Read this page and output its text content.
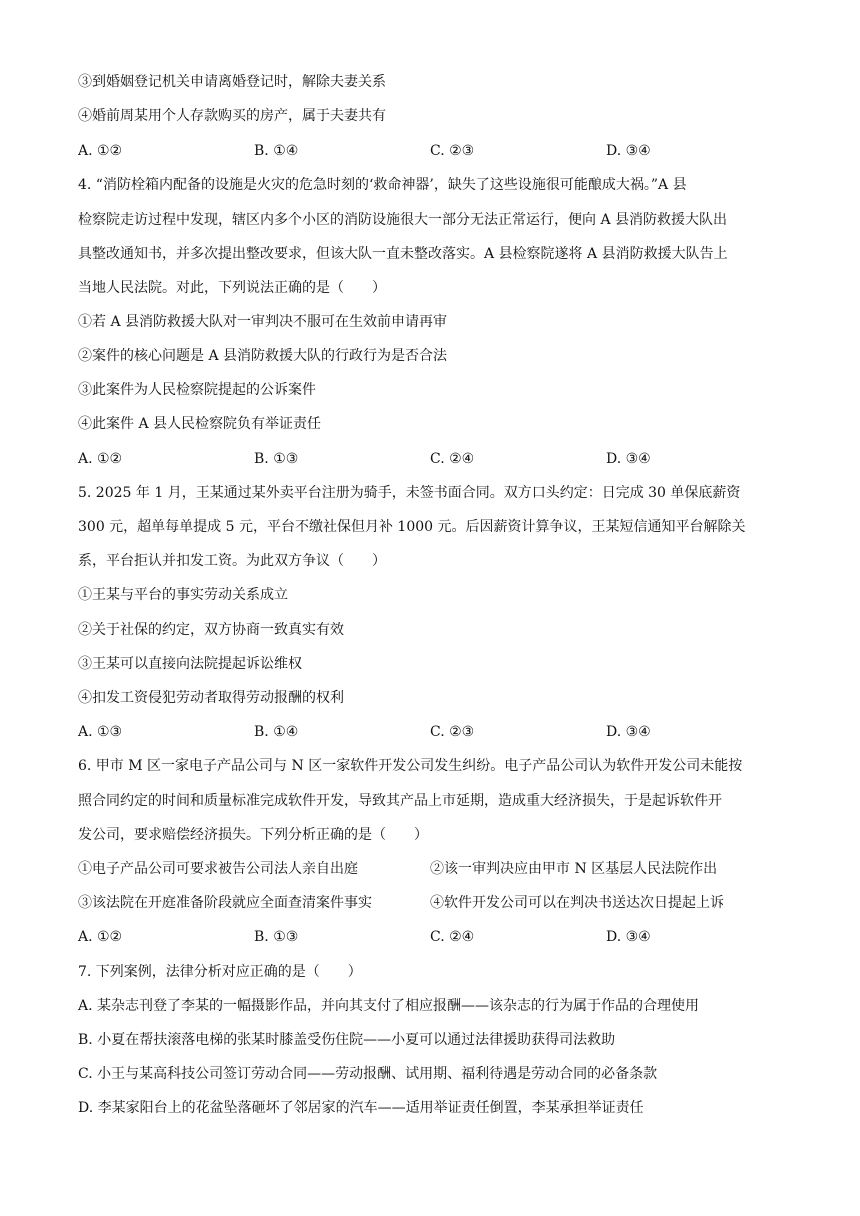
③到婚姻登记机关申请离婚登记时，解除夫妻关系
④婚前周某用个人存款购买的房产，属于夫妻共有
A. ①②	B. ①④	C. ②③	D. ③④
4. “消防栓箱内配备的设施是火灾的危急时刻的‘救命神器’，缺失了这些设施很可能酿成大祸。”A 县
检察院走访过程中发现，辖区内多个小区的消防设施很大一部分无法正常运行，便向 A 县消防救援大队出
具整改通知书，并多次提出整改要求，但该大队一直未整改落实。A 县检察院遂将 A 县消防救援大队告上
当地人民法院。对此，下列说法正确的是（　　）
①若 A 县消防救援大队对一审判决不服可在生效前申请再审
②案件的核心问题是 A 县消防救援大队的行政行为是否合法
③此案件为人民检察院提起的公诉案件
④此案件 A 县人民检察院负有举证责任
A. ①②	B. ①③	C. ②④	D. ③④
5. 2025 年 1 月，王某通过某外卖平台注册为骑手，未签书面合同。双方口头约定：日完成 30 单保底薪资
300 元，超单每单提成 5 元，平台不缴社保但月补 1000 元。后因薪资计算争议，王某短信通知平台解除关
系，平台拒认并扣发工资。为此双方争议（　　）
①王某与平台的事实劳动关系成立
②关于社保的约定，双方协商一致真实有效
③王某可以直接向法院提起诉讼维权
④扣发工资侵犯劳动者取得劳动报酬的权利
A. ①③	B. ①④	C. ②③	D. ③④
6. 甲市 M 区一家电子产品公司与 N 区一家软件开发公司发生纠纷。电子产品公司认为软件开发公司未能按
照合同约定的时间和质量标准完成软件开发，导致其产品上市延期，造成重大经济损失，于是起诉软件开
发公司，要求赔偿经济损失。下列分析正确的是（　　）
①电子产品公司可要求被告公司法人亲自出庭	②该一审判决应由甲市 N 区基层人民法院作出
③该法院在开庭准备阶段就应全面查清案件事实	④软件开发公司可以在判决书送达次日提起上诉
A. ①②	B. ①③	C. ②④	D. ③④
7. 下列案例，法律分析对应正确的是（　　）
A. 某杂志刊登了李某的一幅摄影作品，并向其支付了相应报酬——该杂志的行为属于作品的合理使用
B. 小夏在帮扶滚落电梯的张某时膝盖受伤住院——小夏可以通过法律援助获得司法救助
C. 小王与某高科技公司签订劳动合同——劳动报酬、试用期、福利待遇是劳动合同的必备条款
D. 李某家阳台上的花盆坠落砸坏了邻居家的汽车——适用举证责任倒置，李某承担举证责任
